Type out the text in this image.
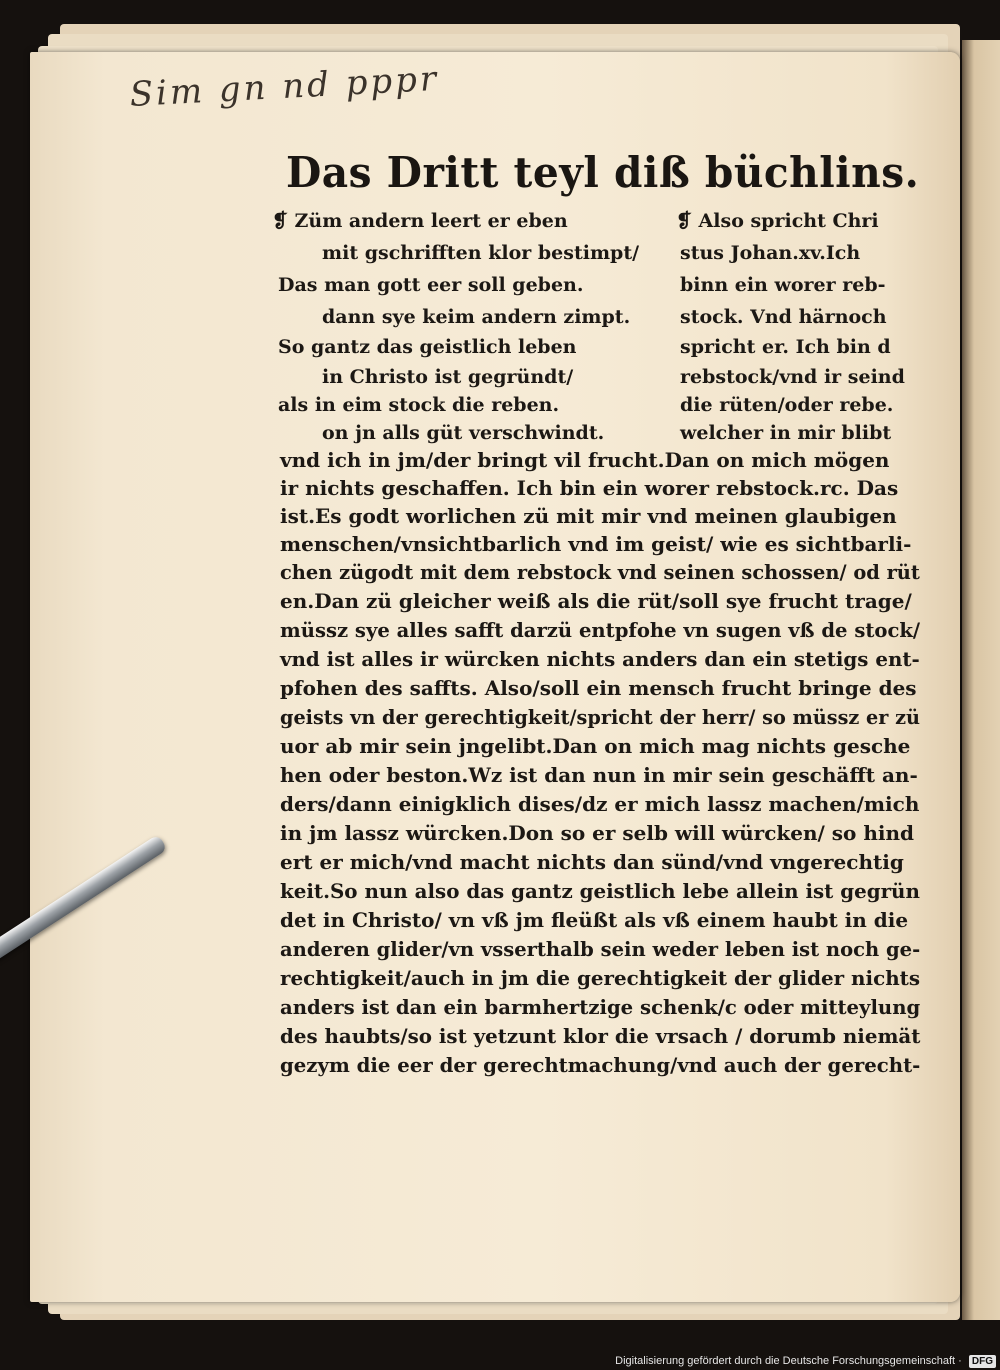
Sim gn nd pppr
Das Dritt teyl diß büchlins.
❡ Züm andern leert er eben
mit gschrifften klor bestimpt/
Das man gott eer soll geben.
dann sye keim andern zimpt.
So gantz das geistlich leben
in Christo ist gegründt/
als in eim stock die reben.
on jn alls güt verschwindt.
❡ Also spricht Chri
stus Johan.xv.Ich
binn ein worer reb-
stock. Vnd härnoch
spricht er. Ich bin d
rebstock/vnd ir seind
die rüten/oder rebe.
welcher in mir blibt
vnd ich in jm/der bringt vil frucht.Dan on mich mögen
ir nichts geschaffen. Ich bin ein worer rebstock.rc. Das
ist.Es godt worlichen zü mit mir vnd meinen glaubigen
menschen/vnsichtbarlich vnd im geist/ wie es sichtbarli-
chen zügodt mit dem rebstock vnd seinen schossen/ od rüt
en.Dan zü gleicher weiß als die rüt/soll sye frucht trage/
müssz sye alles safft darzü entpfohe vn sugen vß de stock/
vnd ist alles ir würcken nichts anders dan ein stetigs ent-
pfohen des saffts. Also/soll ein mensch frucht bringe des
geists vn der gerechtigkeit/spricht der herr/ so müssz er zü
uor ab mir sein jngelibt.Dan on mich mag nichts gesche
hen oder beston.Wz ist dan nun in mir sein geschäfft an-
ders/dann einigklich dises/dz er mich lassz machen/mich
in jm lassz würcken.Don so er selb will würcken/ so hind
ert er mich/vnd macht nichts dan sünd/vnd vngerechtig
keit.So nun also das gantz geistlich lebe allein ist gegrün
det in Christo/ vn vß jm fleüßt als vß einem haubt in die
anderen glider/vn vsserthalb sein weder leben ist noch ge-
rechtigkeit/auch in jm die gerechtigkeit der glider nichts
anders ist dan ein barmhertzige schenk/c oder mitteylung
des haubts/so ist yetzunt klor die vrsach / dorumb niemät
gezym die eer der gerechtmachung/vnd auch der gerecht-
Digitalisierung gefördert durch die Deutsche Forschungsgemeinschaft · DFG
